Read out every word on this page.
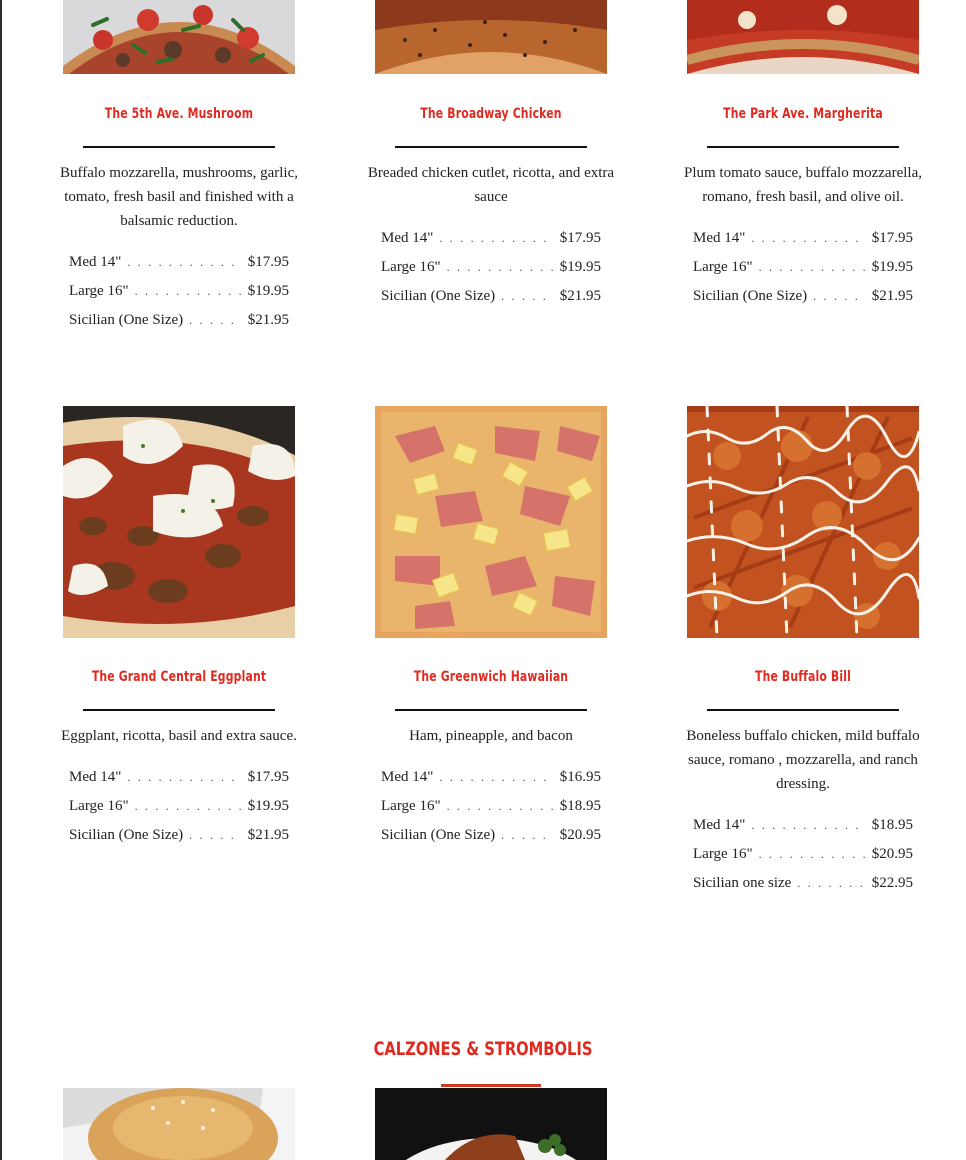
The 5th Ave. Mushroom
Buffalo mozzarella, mushrooms, garlic, tomato, fresh basil and finished with a balsamic reduction.
Med 14" . . .	$17.95
Large 16" . . .	$19.95
Sicilian (One Size) . . .	$21.95
The Broadway Chicken
Breaded chicken cutlet, ricotta, and extra sauce
Med 14" . . .	$17.95
Large 16" . . .	$19.95
Sicilian (One Size) . . .	$21.95
The Park Ave. Margherita
Plum tomato sauce, buffalo mozzarella, romano, fresh basil, and olive oil.
Med 14" . . .	$17.95
Large 16" . . .	$19.95
Sicilian (One Size) . . .	$21.95
The Grand Central Eggplant
Eggplant, ricotta, basil and extra sauce.
Med 14" . . .	$17.95
Large 16" . . .	$19.95
Sicilian (One Size) . . .	$21.95
The Greenwich Hawaiian
Ham, pineapple, and bacon
Med 14" . . .	$16.95
Large 16" . . .	$18.95
Sicilian (One Size) . . .	$20.95
The Buffalo Bill
Boneless buffalo chicken, mild buffalo sauce, romano , mozzarella, and ranch dressing.
Med 14" . . .	$18.95
Large 16" . . .	$20.95
Sicilian one size . . .	$22.95
CALZONES & STROMBOLIS
